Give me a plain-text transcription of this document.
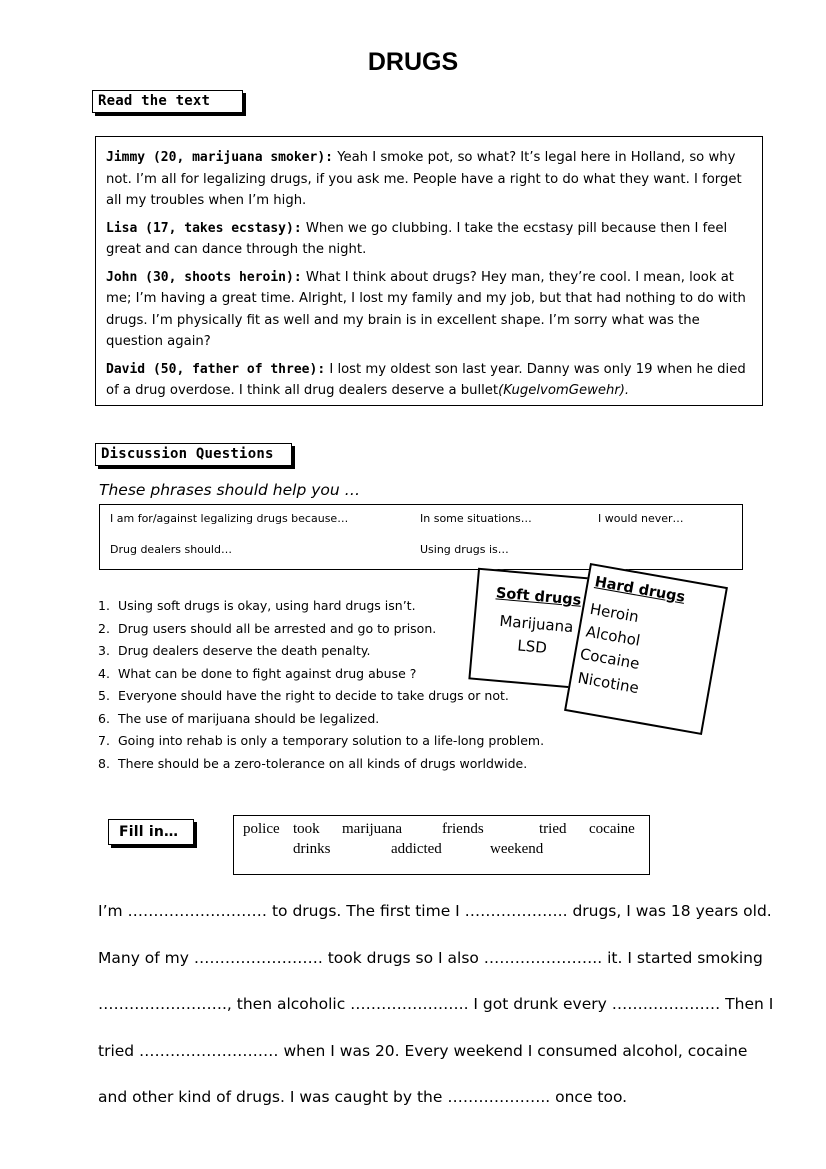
DRUGS
Read the text

Jimmy (20, marijuana smoker): Yeah I smoke pot, so what? It’s legal here in Holland, so why not. I’m all for legalizing drugs, if you ask me. People have a right to do what they want. I forget all my troubles when I’m high.

Lisa (17, takes ecstasy): When we go clubbing. I take the ecstasy pill because then I feel great and can dance through the night.

John (30, shoots heroin): What I think about drugs? Hey man, they’re cool. I mean, look at me; I’m having a great time. Alright, I lost my family and my job, but that had nothing to do with drugs. I’m physically fit as well and my brain is in excellent shape. I’m sorry what was the question again?

David (50, father of three): I lost my oldest son last year. Danny was only 19 when he died of a drug overdose. I think all drug dealers deserve a bullet(KugelvomGewehr).

Discussion Questions
These phrases should help you …
I am for/against legalizing drugs because…	In some situations…	I would never…
Drug dealers should…	Using drugs is…
1. Using soft drugs is okay, using hard drugs isn’t.
2. Drug users should all be arrested and go to prison.
3. Drug dealers deserve the death penalty.
4. What can be done to fight against drug abuse ?
5. Everyone should have the right to decide to take drugs or not.
6. The use of marijuana should be legalized.
7. Going into rehab is only a temporary solution to a life-long problem.
8. There should be a zero-tolerance on all kinds of drugs worldwide.
Soft drugs
Marijuana
LSD
Hard drugs
Heroin
Alcohol
Cocaine
Nicotine
Fill in…	police took marijuana	friends	tried cocaine
drinks	addicted	weekend

I’m ……………………… to drugs. The first time I ……………….. drugs, I was 18 years old.

Many of my ……………………. took drugs so I also ………………….. it. I started smoking

……………………., then alcoholic ………………….. I got drunk every ………………… Then I

tried ……………………… when I was 20. Every weekend I consumed alcohol, cocaine

and other kind of drugs. I was caught by the ……………….. once too.
